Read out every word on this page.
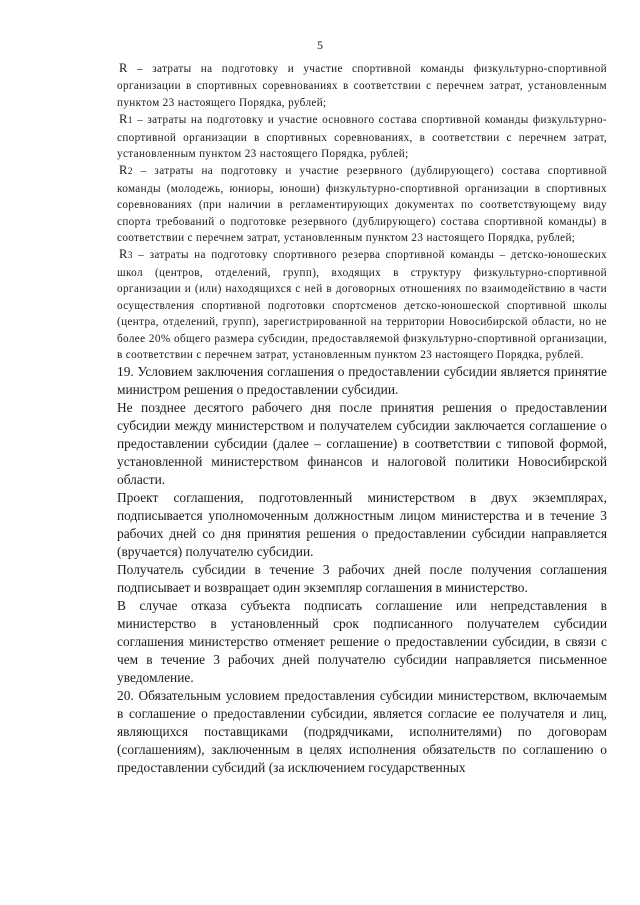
5

R – затраты на подготовку и участие спортивной команды физкультурно-спортивной организации в спортивных соревнованиях в соответствии с перечнем затрат, установленным пунктом 23 настоящего Порядка, рублей;

R1 – затраты на подготовку и участие основного состава спортивной команды физкультурно-спортивной организации в спортивных соревнованиях, в соответствии с перечнем затрат, установленным пунктом 23 настоящего Порядка, рублей;

R2 – затраты на подготовку и участие резервного (дублирующего) состава спортивной команды (молодежь, юниоры, юноши) физкультурно-спортивной организации в спортивных соревнованиях (при наличии в регламентирующих документах по соответствующему виду спорта требований о подготовке резервного (дублирующего) состава спортивной команды) в соответствии с перечнем затрат, установленным пунктом 23 настоящего Порядка, рублей;

R3 – затраты на подготовку спортивного резерва спортивной команды – детско-юношеских школ (центров, отделений, групп), входящих в структуру физкультурно-спортивной организации и (или) находящихся с ней в договорных отношениях по взаимодействию в части осуществления спортивной подготовки спортсменов детско-юношеской спортивной школы (центра, отделений, групп), зарегистрированной на территории Новосибирской области, но не более 20% общего размера субсидии, предоставляемой физкультурно-спортивной организации, в соответствии с перечнем затрат, установленным пунктом 23 настоящего Порядка, рублей.

19. Условием заключения соглашения о предоставлении субсидии является принятие министром решения о предоставлении субсидии.

Не позднее десятого рабочего дня после принятия решения о предоставлении субсидии между министерством и получателем субсидии заключается соглашение о предоставлении субсидии (далее – соглашение) в соответствии с типовой формой, установленной министерством финансов и налоговой политики Новосибирской области.

Проект соглашения, подготовленный министерством в двух экземплярах, подписывается уполномоченным должностным лицом министерства и в течение 3 рабочих дней со дня принятия решения о предоставлении субсидии направляется (вручается) получателю субсидии.

Получатель субсидии в течение 3 рабочих дней после получения соглашения подписывает и возвращает один экземпляр соглашения в министерство.

В случае отказа субъекта подписать соглашение или непредставления в министерство в установленный срок подписанного получателем субсидии соглашения министерство отменяет решение о предоставлении субсидии, в связи с чем в течение 3 рабочих дней получателю субсидии направляется письменное уведомление.

20. Обязательным условием предоставления субсидии министерством, включаемым в соглашение о предоставлении субсидии, является согласие ее получателя и лиц, являющихся поставщиками (подрядчиками, исполнителями) по договорам (соглашениям), заключенным в целях исполнения обязательств по соглашению о предоставлении субсидий (за исключением государственных
